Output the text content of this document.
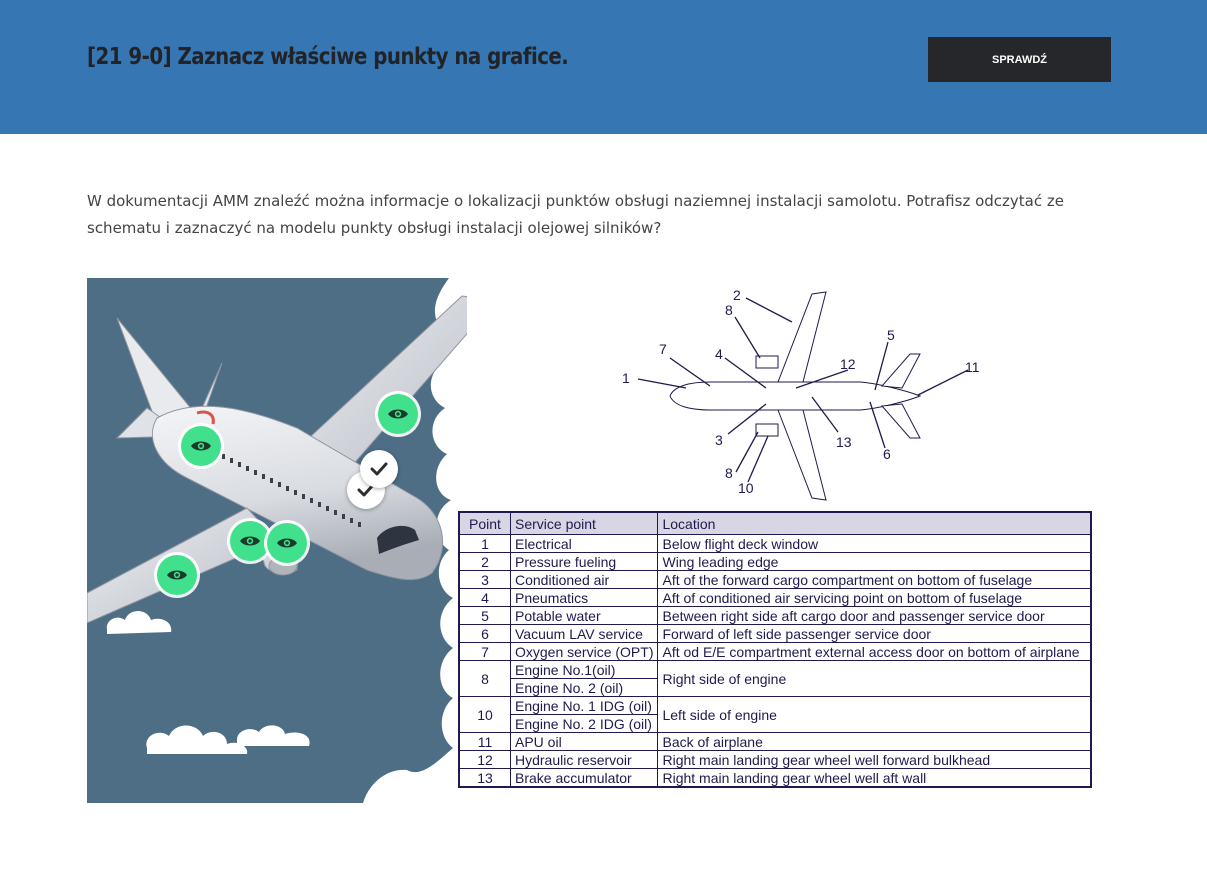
[21 9-0] Zaznacz właściwe punkty na grafice.	SPRAWDŹ
W dokumentacji AMM znaleźć można informacje o lokalizacji punktów obsługi naziemnej instalacji samolotu. Potrafisz odczytać ze schematu i zaznaczyć na modelu punkty obsługi instalacji olejowej silników?
1
2
3
4
5
6
7
8
8
10
11
12
13
Point	Service point	Location
1	Electrical	Below flight deck window
2	Pressure fueling	Wing leading edge
3	Conditioned air	Aft of the forward cargo compartment on bottom of fuselage
4	Pneumatics	Aft of conditioned air servicing point on bottom of fuselage
5	Potable water	Between right side aft cargo door and passenger service door
6	Vacuum LAV service	Forward of left side passenger service door
7	Oxygen service (OPT)	Aft od E/E compartment external access door on bottom of airplane
8	Engine No.1(oil)	Right side of engine
	Engine No. 2 (oil)	
10	Engine No. 1 IDG (oil)	Left side of engine
	Engine No. 2 IDG (oil)	
11	APU oil	Back of airplane
12	Hydraulic reservoir	Right main landing gear wheel well forward bulkhead
13	Brake accumulator	Right main landing gear wheel well aft wall
